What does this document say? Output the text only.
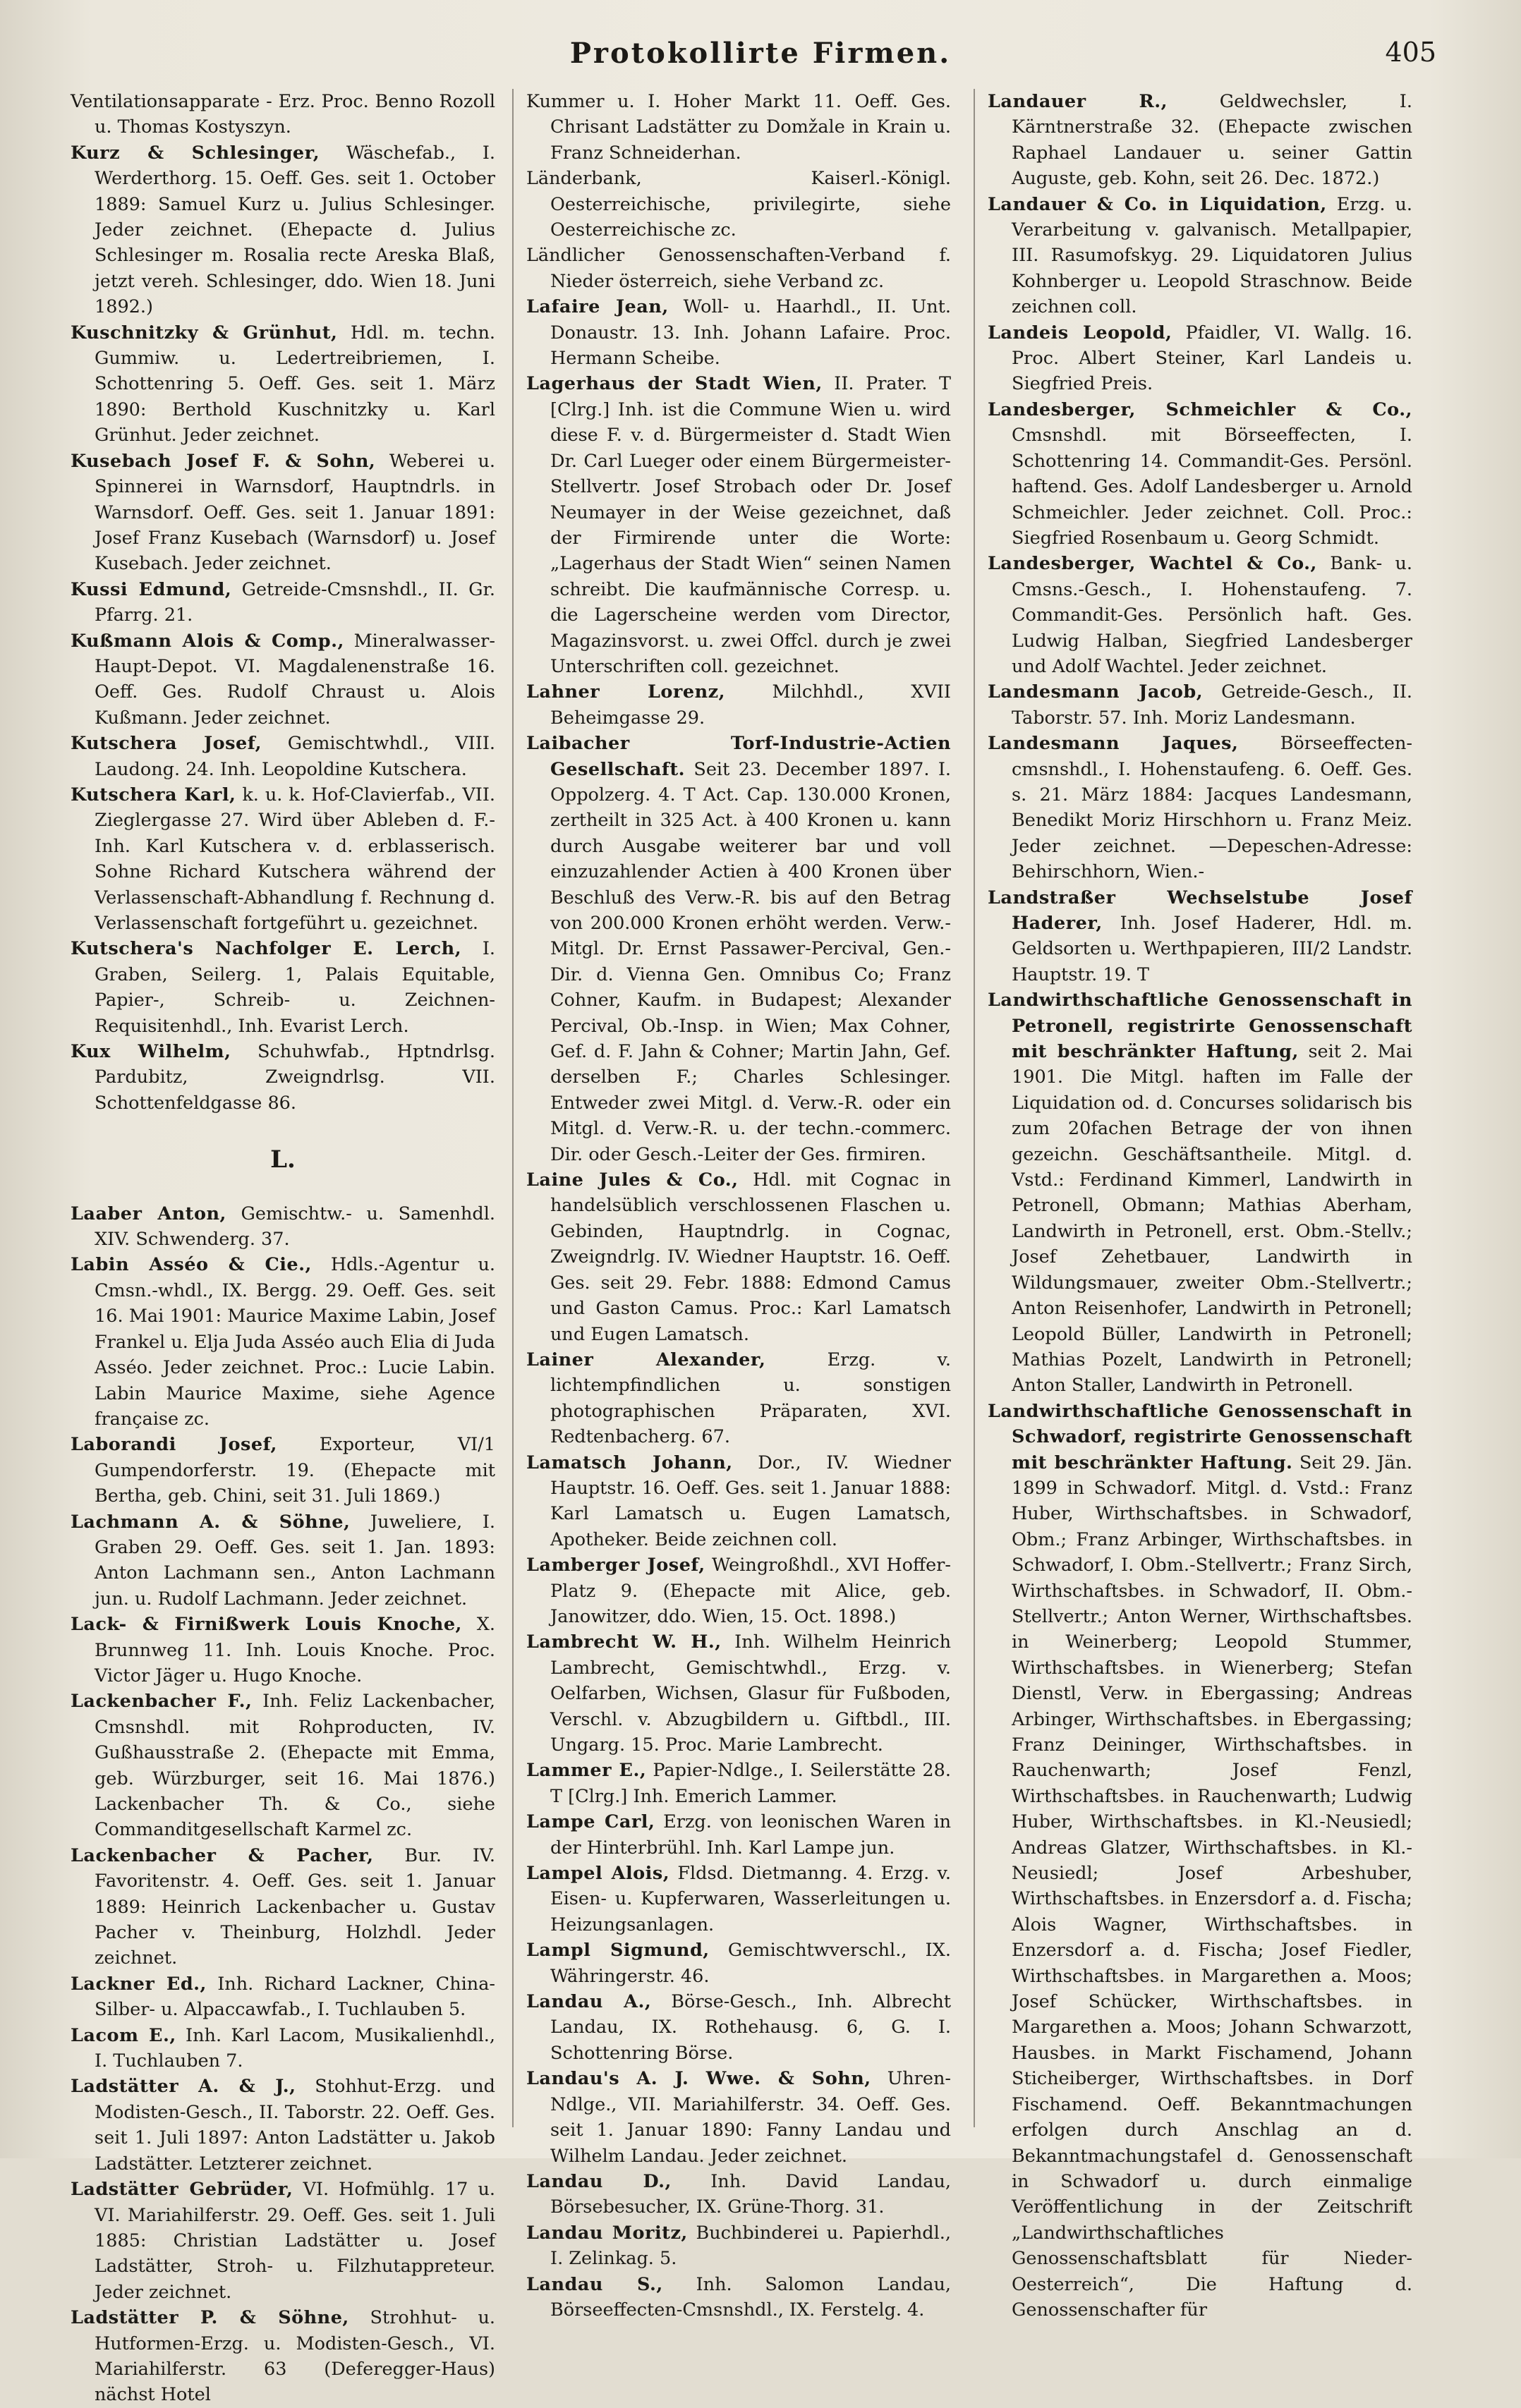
Protokollirte Firmen.	405

Ventilationsapparate - Erz. Proc. Benno Rozoll u. Thomas Kostyszyn.

Kurz & Schlesinger, Wäschefab., I. Werderthorg. 15. Oeff. Ges. seit 1. October 1889: Samuel Kurz u. Julius Schlesinger. Jeder zeichnet. (Ehepacte d. Julius Schlesinger m. Rosalia recte Areska Blaß, jetzt vereh. Schlesinger, ddo. Wien 18. Juni 1892.)

Kuschnitzky & Grünhut, Hdl. m. techn. Gummiw. u. Ledertreibriemen, I. Schottenring 5. Oeff. Ges. seit 1. März 1890: Berthold Kuschnitzky u. Karl Grünhut. Jeder zeichnet.

Kusebach Josef F. & Sohn, Weberei u. Spinnerei in Warnsdorf, Hauptndrls. in Warnsdorf. Oeff. Ges. seit 1. Januar 1891: Josef Franz Kusebach (Warnsdorf) u. Josef Kusebach. Jeder zeichnet.

Kussi Edmund, Getreide-Cmsnshdl., II. Gr. Pfarrg. 21.

Kußmann Alois & Comp., Mineralwasser-Haupt-Depot. VI. Magdalenenstraße 16. Oeff. Ges. Rudolf Chraust u. Alois Kußmann. Jeder zeichnet.

Kutschera Josef, Gemischtwhdl., VIII. Laudong. 24. Inh. Leopoldine Kutschera.

Kutschera Karl, k. u. k. Hof-Clavierfab., VII. Zieglergasse 27. Wird über Ableben d. F.-Inh. Karl Kutschera v. d. erblasserisch. Sohne Richard Kutschera während der Verlassenschaft-Abhandlung f. Rechnung d. Verlassenschaft fortgeführt u. gezeichnet.

Kutschera's Nachfolger E. Lerch, I. Graben, Seilerg. 1, Palais Equitable, Papier-, Schreib- u. Zeichnen-Requisitenhdl., Inh. Evarist Lerch.

Kux Wilhelm, Schuhwfab., Hptndrlsg. Pardubitz, Zweigndrlsg. VII. Schottenfeldgasse 86.

L.

Laaber Anton, Gemischtw.- u. Samenhdl. XIV. Schwenderg. 37.

Labin Asséo & Cie., Hdls.-Agentur u. Cmsn.-whdl., IX. Bergg. 29. Oeff. Ges. seit 16. Mai 1901: Maurice Maxime Labin, Josef Frankel u. Elja Juda Asséo auch Elia di Juda Asséo. Jeder zeichnet. Proc.: Lucie Labin. Labin Maurice Maxime, siehe Agence française zc.

Laborandi Josef, Exporteur, VI/1 Gumpendorferstr. 19. (Ehepacte mit Bertha, geb. Chini, seit 31. Juli 1869.)

Lachmann A. & Söhne, Juweliere, I. Graben 29. Oeff. Ges. seit 1. Jan. 1893: Anton Lachmann sen., Anton Lachmann jun. u. Rudolf Lachmann. Jeder zeichnet.

Lack- & Firnißwerk Louis Knoche, X. Brunnweg 11. Inh. Louis Knoche. Proc. Victor Jäger u. Hugo Knoche.

Lackenbacher F., Inh. Feliz Lackenbacher, Cmsnshdl. mit Rohproducten, IV. Gußhausstraße 2. (Ehepacte mit Emma, geb. Würzburger, seit 16. Mai 1876.) Lackenbacher Th. & Co., siehe Commanditgesellschaft Karmel zc.

Lackenbacher & Pacher, Bur. IV. Favoritenstr. 4. Oeff. Ges. seit 1. Januar 1889: Heinrich Lackenbacher u. Gustav Pacher v. Theinburg, Holzhdl. Jeder zeichnet.

Lackner Ed., Inh. Richard Lackner, China-Silber- u. Alpaccawfab., I. Tuchlauben 5.

Lacom E., Inh. Karl Lacom, Musikalienhdl., I. Tuchlauben 7.

Ladstätter A. & J., Stohhut-Erzg. und Modisten-Gesch., II. Taborstr. 22. Oeff. Ges. seit 1. Juli 1897: Anton Ladstätter u. Jakob Ladstätter. Letzterer zeichnet.

Ladstätter Gebrüder, VI. Hofmühlg. 17 u. VI. Mariahilferstr. 29. Oeff. Ges. seit 1. Juli 1885: Christian Ladstätter u. Josef Ladstätter, Stroh- u. Filzhutappreteur. Jeder zeichnet.

Ladstätter P. & Söhne, Strohhut- u. Hutformen-Erzg. u. Modisten-Gesch., VI. Mariahilferstr. 63 (Deferegger-Haus) nächst Hotel

Kummer u. I. Hoher Markt 11. Oeff. Ges. Chrisant Ladstätter zu Domžale in Krain u. Franz Schneiderhan.

Länderbank, Kaiserl.-Königl. Oesterreichische, privilegirte, siehe Oesterreichische zc.

Ländlicher Genossenschaften-Verband f. Nieder österreich, siehe Verband zc.

Lafaire Jean, Woll- u. Haarhdl., II. Unt. Donaustr. 13. Inh. Johann Lafaire. Proc. Hermann Scheibe.

Lagerhaus der Stadt Wien, II. Prater. T [Clrg.] Inh. ist die Commune Wien u. wird diese F. v. d. Bürgermeister d. Stadt Wien Dr. Carl Lueger oder einem Bürgermeister-Stellvertr. Josef Strobach oder Dr. Josef Neumayer in der Weise gezeichnet, daß der Firmirende unter die Worte: „Lagerhaus der Stadt Wien“ seinen Namen schreibt. Die kaufmännische Corresp. u. die Lagerscheine werden vom Director, Magazinsvorst. u. zwei Offcl. durch je zwei Unterschriften coll. gezeichnet.

Lahner Lorenz,	Milchhdl., XVII Beheimgasse 29.

Laibacher Torf-Industrie-Actien Gesellschaft. Seit 23. December 1897. I. Oppolzerg. 4. T Act. Cap. 130.000 Kronen, zertheilt in 325 Act. à 400 Kronen u. kann durch Ausgabe weiterer bar und voll einzuzahlender Actien à 400 Kronen über Beschluß des Verw.-R. bis auf den Betrag von 200.000 Kronen erhöht werden. Verw.-Mitgl. Dr. Ernst Passawer-Percival, Gen.-Dir. d. Vienna Gen. Omnibus Co; Franz Cohner, Kaufm. in Budapest; Alexander Percival, Ob.-Insp. in Wien; Max Cohner, Gef. d. F. Jahn & Cohner; Martin Jahn, Gef. derselben F.; Charles Schlesinger. Entweder zwei Mitgl. d. Verw.-R. oder ein Mitgl. d. Verw.-R. u. der techn.-commerc. Dir. oder Gesch.-Leiter der Ges. firmiren.

Laine Jules & Co., Hdl. mit Cognac in handelsüblich verschlossenen Flaschen u. Gebinden, Hauptndrlg. in Cognac, Zweigndrlg. IV. Wiedner Hauptstr. 16. Oeff. Ges. seit 29. Febr. 1888: Edmond Camus und Gaston Camus. Proc.: Karl Lamatsch und Eugen Lamatsch.

Lainer Alexander,	Erzg. v. lichtempfindlichen u. sonstigen photographischen Präparaten, XVI. Redtenbacherg. 67.

Lamatsch Johann, Dor., IV. Wiedner Hauptstr. 16. Oeff. Ges. seit 1. Januar 1888: Karl Lamatsch u. Eugen Lamatsch, Apotheker. Beide zeichnen coll.

Lamberger Josef, Weingroßhdl., XVI Hoffer-Platz 9. (Ehepacte mit Alice, geb. Janowitzer, ddo. Wien, 15. Oct. 1898.)

Lambrecht W. H., Inh. Wilhelm Heinrich Lambrecht, Gemischtwhdl., Erzg. v. Oelfarben, Wichsen, Glasur für Fußboden, Verschl. v. Abzugbildern u. Giftbdl., III. Ungarg. 15. Proc. Marie Lambrecht.

Lammer E., Papier-Ndlge., I. Seilerstätte 28. T [Clrg.] Inh. Emerich Lammer.

Lampe Carl, Erzg. von leonischen Waren in der Hinterbrühl. Inh. Karl Lampe jun.

Lampel Alois, Fldsd. Dietmanng. 4. Erzg. v. Eisen- u. Kupferwaren, Wasserleitungen u. Heizungsanlagen.

Lampl Sigmund, Gemischtwverschl., IX. Währingerstr. 46.

Landau A., Börse-Gesch., Inh. Albrecht Landau, IX. Rothehausg. 6, G. I. Schottenring Börse.

Landau's A. J. Wwe. & Sohn, Uhren-Ndlge., VII. Mariahilferstr. 34. Oeff. Ges. seit 1. Januar 1890: Fanny Landau und Wilhelm Landau. Jeder zeichnet.

Landau D., Inh. David Landau, Börsebesucher, IX. Grüne-Thorg. 31.

Landau Moritz, Buchbinderei u. Papierhdl., I. Zelinkag. 5.

Landau S., Inh. Salomon Landau, Börseeffecten-Cmsnshdl., IX. Ferstelg. 4.

Landauer R.,	Geldwechsler, I. Kärntnerstraße 32. (Ehepacte zwischen Raphael Landauer u. seiner Gattin Auguste, geb. Kohn, seit 26. Dec. 1872.)

Landauer & Co. in Liquidation, Erzg. u. Verarbeitung v. galvanisch. Metallpapier, III. Rasumofskyg. 29. Liquidatoren Julius Kohnberger u. Leopold Straschnow. Beide zeichnen coll.

Landeis Leopold, Pfaidler, VI. Wallg. 16. Proc. Albert Steiner, Karl Landeis u. Siegfried Preis.

Landesberger, Schmeichler & Co., Cmsnshdl. mit Börseeffecten, I. Schottenring 14. Commandit-Ges. Persönl. haftend. Ges. Adolf Landesberger u. Arnold Schmeichler. Jeder zeichnet. Coll. Proc.: Siegfried Rosenbaum u. Georg Schmidt.

Landesberger, Wachtel & Co., Bank- u. Cmsns.-Gesch., I. Hohenstaufeng. 7. Commandit-Ges. Persönlich haft. Ges. Ludwig Halban, Siegfried Landesberger und Adolf Wachtel. Jeder zeichnet.

Landesmann Jacob, Getreide-Gesch., II. Taborstr. 57. Inh. Moriz Landesmann.

Landesmann Jaques, Börseeffecten-cmsnshdl., I. Hohenstaufeng. 6. Oeff. Ges. s. 21. März 1884: Jacques Landesmann, Benedikt Moriz Hirschhorn u. Franz Meiz. Jeder zeichnet. —Depeschen-Adresse: Behirschhorn, Wien.-

Landstraßer Wechselstube Josef Haderer, Inh. Josef Haderer, Hdl. m. Geldsorten u. Werthpapieren, III/2 Landstr. Hauptstr. 19. T

Landwirthschaftliche Genossenschaft in Petronell, registrirte Genossenschaft mit beschränkter Haftung, seit 2. Mai 1901. Die Mitgl. haften im Falle der Liquidation od. d. Concurses solidarisch bis zum 20fachen Betrage der von ihnen gezeichn. Geschäftsantheile. Mitgl. d. Vstd.: Ferdinand Kimmerl, Landwirth in Petronell, Obmann; Mathias Aberham, Landwirth in Petronell, erst. Obm.-Stellv.; Josef Zehetbauer, Landwirth in Wildungsmauer, zweiter Obm.-Stellvertr.; Anton Reisenhofer, Landwirth in Petronell; Leopold Büller, Landwirth in Petronell; Mathias Pozelt, Landwirth in Petronell; Anton Staller, Landwirth in Petronell.

Landwirthschaftliche Genossenschaft in Schwadorf, registrirte Genossenschaft mit beschränkter Haftung. Seit 29. Jän. 1899 in Schwadorf. Mitgl. d. Vstd.: Franz Huber, Wirthschaftsbes. in Schwadorf, Obm.; Franz Arbinger, Wirthschaftsbes. in Schwadorf, I. Obm.-Stellvertr.; Franz Sirch, Wirthschaftsbes. in Schwadorf, II. Obm.-Stellvertr.; Anton Werner, Wirthschaftsbes. in Weinerberg; Leopold Stummer, Wirthschaftsbes. in Wienerberg; Stefan Dienstl, Verw. in Ebergassing; Andreas Arbinger, Wirthschaftsbes. in Ebergassing; Franz Deininger, Wirthschaftsbes. in Rauchenwarth; Josef Fenzl, Wirthschaftsbes. in Rauchenwarth; Ludwig Huber, Wirthschaftsbes. in Kl.-Neusiedl; Andreas Glatzer, Wirthschaftsbes. in Kl.-Neusiedl; Josef Arbeshuber, Wirthschaftsbes. in Enzersdorf a. d. Fischa; Alois Wagner, Wirthschaftsbes. in Enzersdorf a. d. Fischa; Josef Fiedler, Wirthschaftsbes. in Margarethen a. Moos; Josef Schücker, Wirthschaftsbes. in Margarethen a. Moos; Johann Schwarzott, Hausbes. in Markt Fischamend, Johann Sticheiberger, Wirthschaftsbes. in Dorf Fischamend. Oeff. Bekanntmachungen erfolgen durch Anschlag an d. Bekanntmachungstafel d. Genossenschaft in Schwadorf u. durch einmalige Veröffentlichung in der Zeitschrift „Landwirthschaftliches Genossenschaftsblatt für Nieder-Oesterreich“, Die Haftung d. Genossenschafter für
